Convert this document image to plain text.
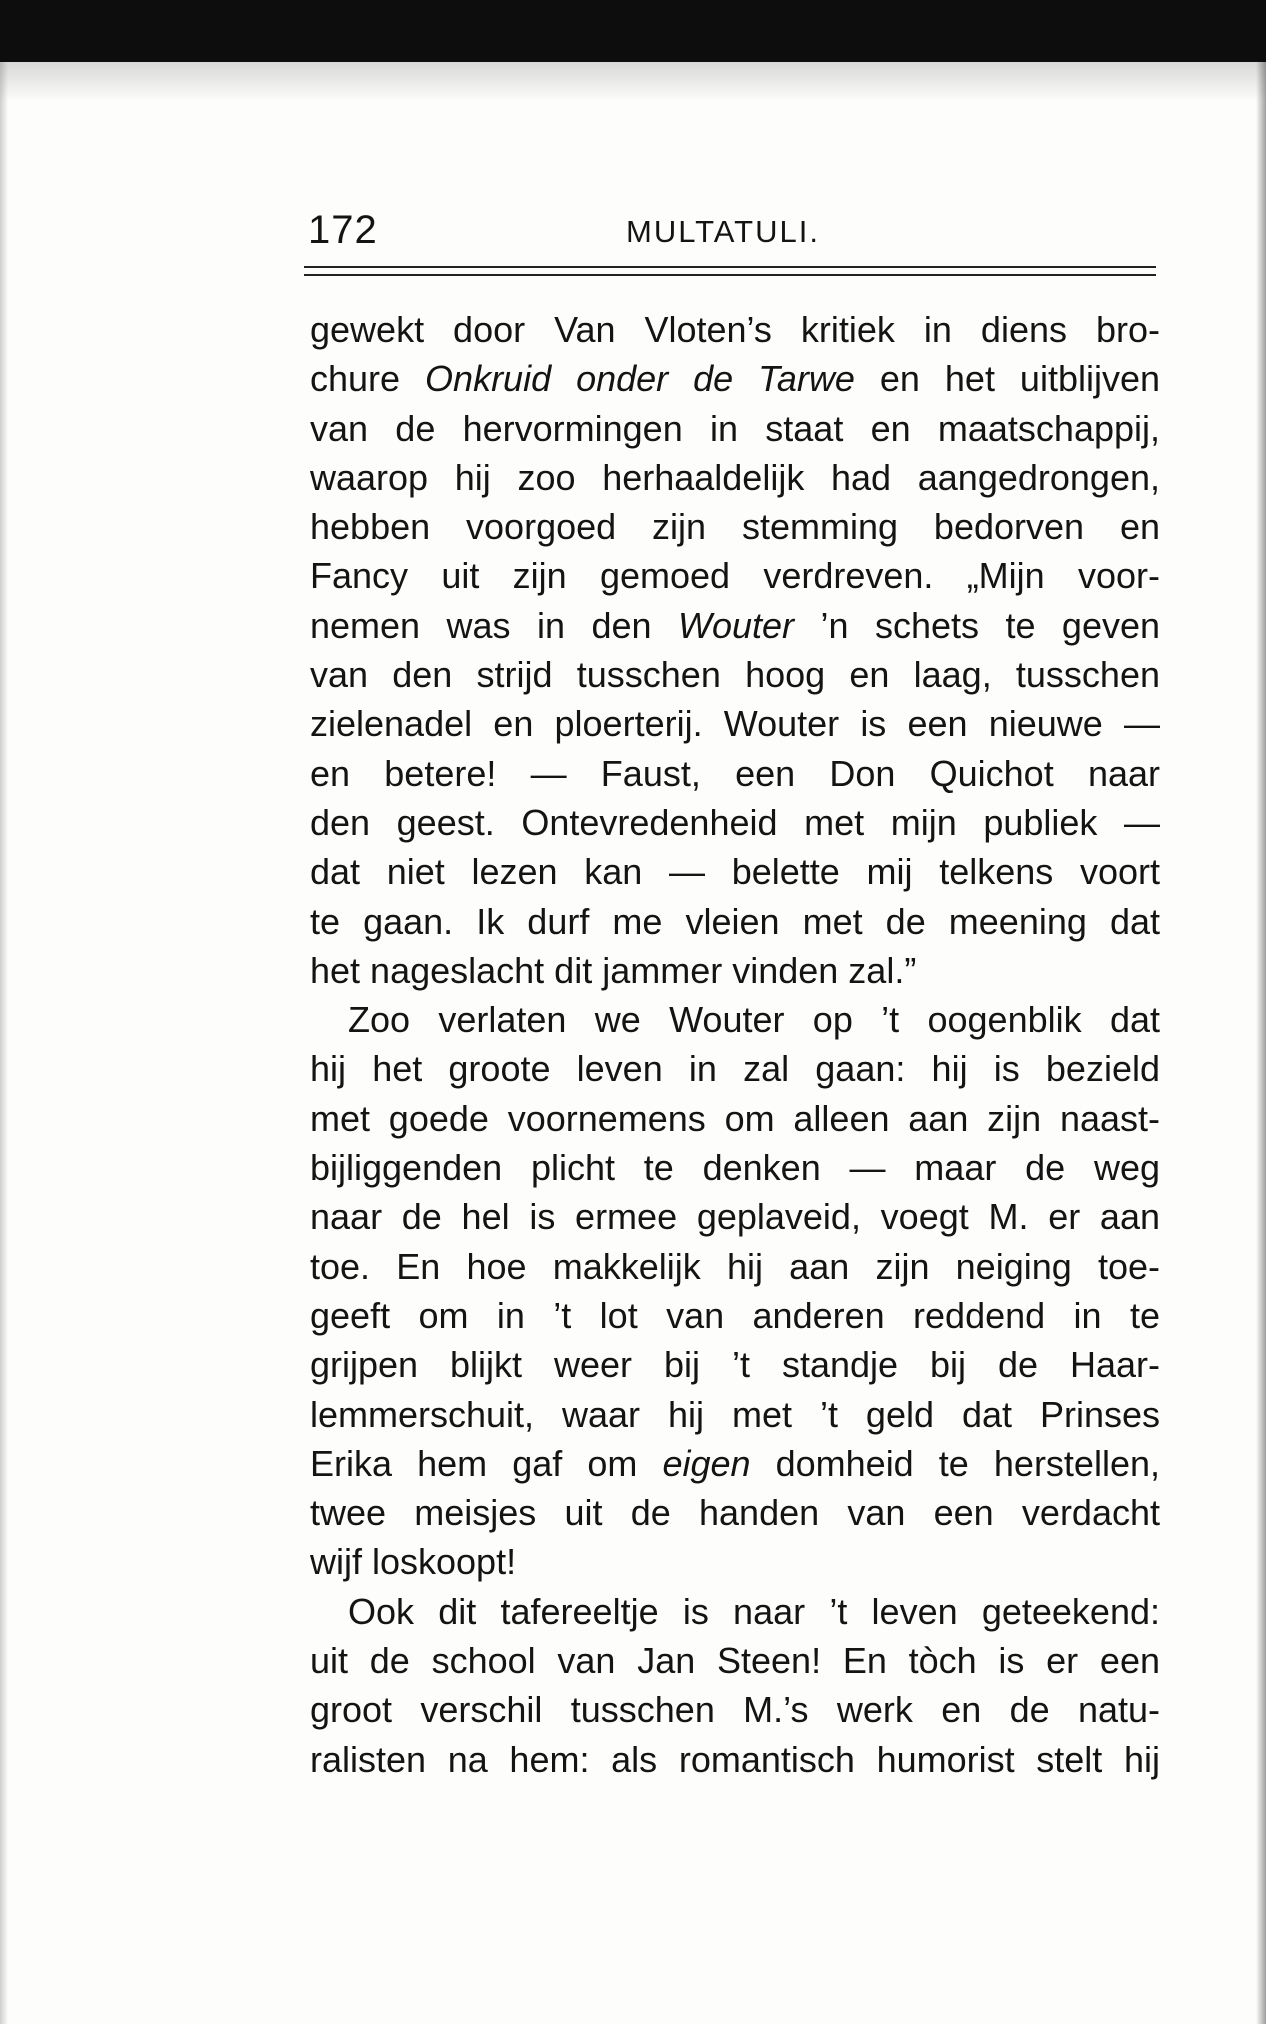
172	MULTATULI.
gewekt door Van Vloten’s kritiek in diens bro-
chure Onkruid onder de Tarwe en het uitblijven
van de hervormingen in staat en maatschappij,
waarop hij zoo herhaaldelijk had aangedrongen,
hebben voorgoed zijn stemming bedorven en
Fancy uit zijn gemoed verdreven. „Mijn voor-
nemen was in den Wouter ’n schets te geven
van den strijd tusschen hoog en laag, tusschen
zielenadel en ploerterij. Wouter is een nieuwe —
en betere! — Faust, een Don Quichot naar
den geest. Ontevredenheid met mijn publiek —
dat niet lezen kan — belette mij telkens voort
te gaan. Ik durf me vleien met de meening dat
het nageslacht dit jammer vinden zal.”
Zoo verlaten we Wouter op ’t oogenblik dat
hij het groote leven in zal gaan: hij is bezield
met goede voornemens om alleen aan zijn naast-
bijliggenden plicht te denken — maar de weg
naar de hel is ermee geplaveid, voegt M. er aan
toe. En hoe makkelijk hij aan zijn neiging toe-
geeft om in ’t lot van anderen reddend in te
grijpen blijkt weer bij ’t standje bij de Haar-
lemmerschuit, waar hij met ’t geld dat Prinses
Erika hem gaf om eigen domheid te herstellen,
twee meisjes uit de handen van een verdacht
wijf loskoopt!
Ook dit tafereeltje is naar ’t leven geteekend:
uit de school van Jan Steen! En tòch is er een
groot verschil tusschen M.’s werk en de natu-
ralisten na hem: als romantisch humorist stelt hij
